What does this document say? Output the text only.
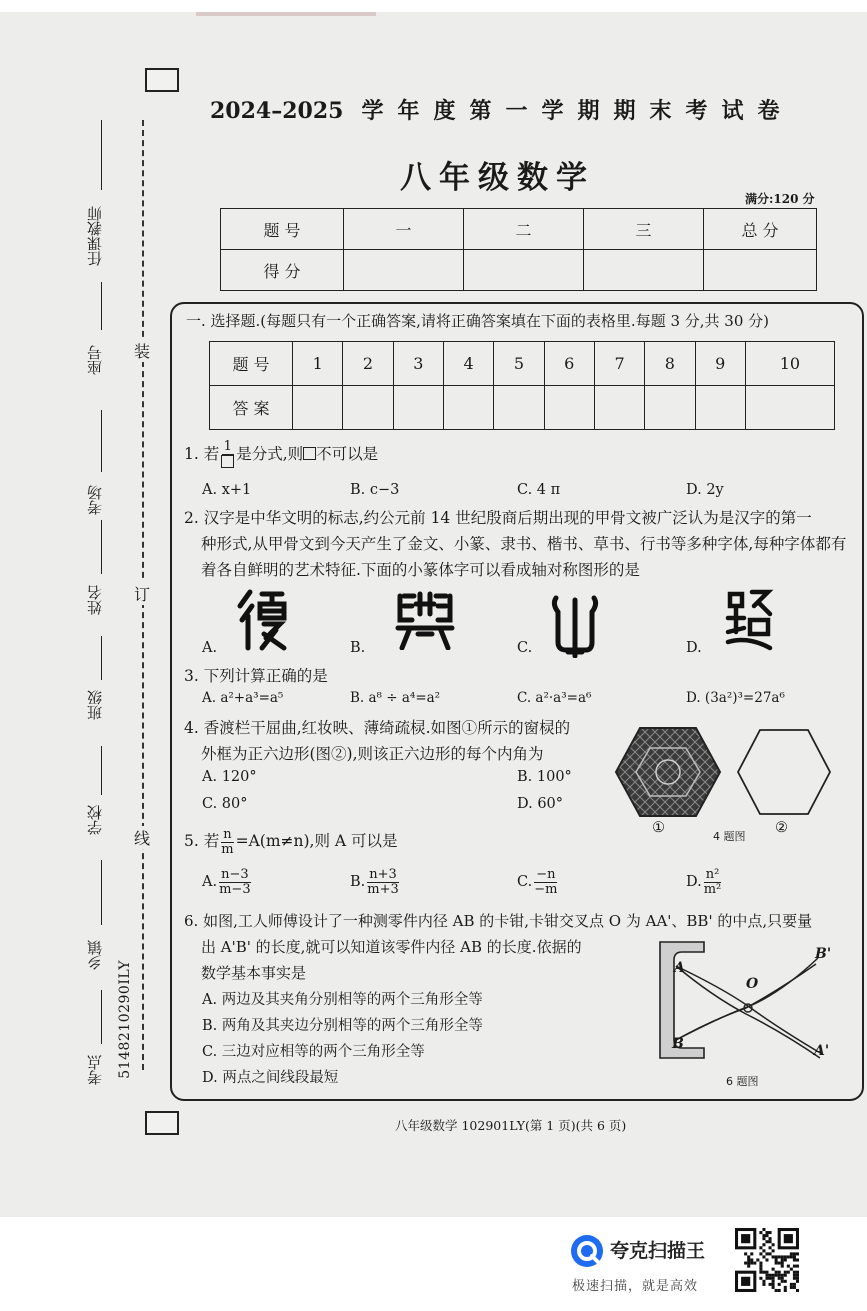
任课教师
座号
考场
姓名
班级
学校
乡镇
考点 5148210290ILY
装
订
线
2024–2025 学年度第一学期期末考试卷
八年级数学
满分:120 分
题 号	一	二	三	总 分
得 分				
一. 选择题.(每题只有一个正确答案,请将正确答案填在下面的表格里.每题 3 分,共 30 分)
题 号	1	2	3	4	5	6	7	8	9	10
答 案										
1. 若 1 是分式,则 不可以是
A. x+1	B. c−3	C. 4 π	D. 2y
2. 汉字是中华文明的标志,约公元前 14 世纪殷商后期出现的甲骨文被广泛认为是汉字的第一
种形式,从甲骨文到今天产生了金文、小篆、隶书、楷书、草书、行书等多种字体,每种字体都有
着各自鲜明的艺术特征.下面的小篆体字可以看成轴对称图形的是
A.	B.	C.	D.
3. 下列计算正确的是
A. a²+a³=a⁵	B. a⁸ ÷ a⁴=a²	C. a²·a³=a⁶	D. (3a²)³=27a⁶
4. 香渡栏干屈曲,红妆映、薄绮疏棂.如图①所示的窗棂的
外框为正六边形(图②),则该正六边形的每个内角为
A. 120°	B. 100°
C. 80°	D. 60°
①
4 题图
②
5. 若 $\frac{n}{m} =A(m\ne n)$,则 A 可以是
A. $\frac{n-3}{m-3}$	B. $\frac{n+3}{m+3}$	C. $\frac{-n}{-m}$	D. $\frac{\text{n²}}{\text{m²}}$
6. 如图,工人师傅设计了一种测零件内径 AB 的卡钳,卡钳交叉点 O 为 AA'、BB' 的中点,只要量
出 A'B' 的长度,就可以知道该零件内径 AB 的长度.依据的
数学基本事实是
A. 两边及其夹角分别相等的两个三角形全等
B. 两角及其夹边分别相等的两个三角形全等
C. 三边对应相等的两个三角形全等
D. 两点之间线段最短
A
B
O
B'
A'
6 题图
八年级数学 102901LY(第 1 页)(共 6 页)
夸克扫描王
极速扫描，就是高效
